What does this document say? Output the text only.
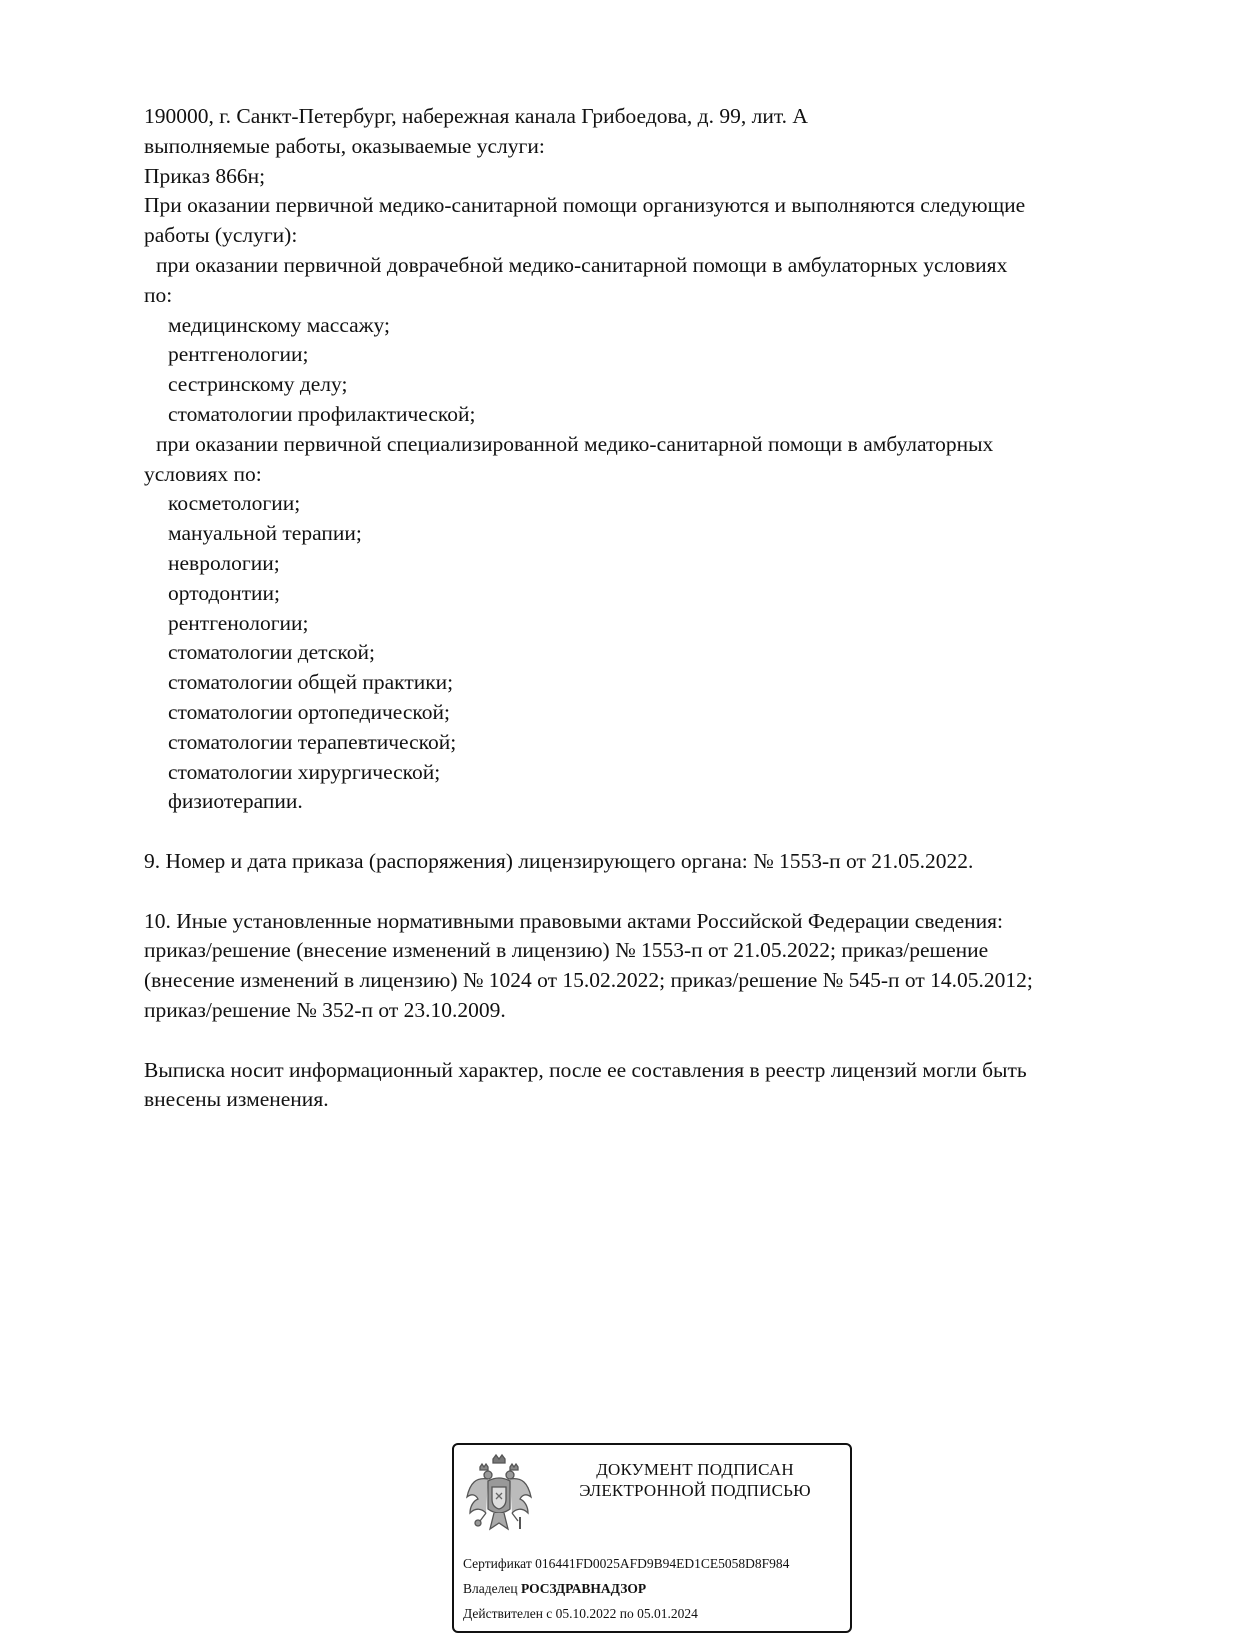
190000, г. Санкт-Петербург, набережная канала Грибоедова, д. 99, лит. А
выполняемые работы, оказываемые услуги:
Приказ 866н;
При оказании первичной медико-санитарной помощи организуются и выполняются следующие
работы (услуги):
при оказании первичной доврачебной медико-санитарной помощи в амбулаторных условиях
по:
медицинскому массажу;
рентгенологии;
сестринскому делу;
стоматологии профилактической;
при оказании первичной специализированной медико-санитарной помощи в амбулаторных
условиях по:
косметологии;
мануальной терапии;
неврологии;
ортодонтии;
рентгенологии;
стоматологии детской;
стоматологии общей практики;
стоматологии ортопедической;
стоматологии терапевтической;
стоматологии хирургической;
физиотерапии.
9. Номер и дата приказа (распоряжения) лицензирующего органа: № 1553-п от 21.05.2022.
10. Иные установленные нормативными правовыми актами Российской Федерации сведения:
приказ/решение (внесение изменений в лицензию) № 1553-п от 21.05.2022; приказ/решение
(внесение изменений в лицензию) № 1024 от 15.02.2022; приказ/решение № 545-п от 14.05.2012;
приказ/решение № 352-п от 23.10.2009.
Выписка носит информационный характер, после ее составления в реестр лицензий могли быть
внесены изменения.
ДОКУМЕНТ ПОДПИСАН
ЭЛЕКТРОННОЙ ПОДПИСЬЮ
Сертификат 016441FD0025AFD9B94ED1CE5058D8F984
Владелец РОСЗДРАВНАДЗОР
Действителен с 05.10.2022 по 05.01.2024
